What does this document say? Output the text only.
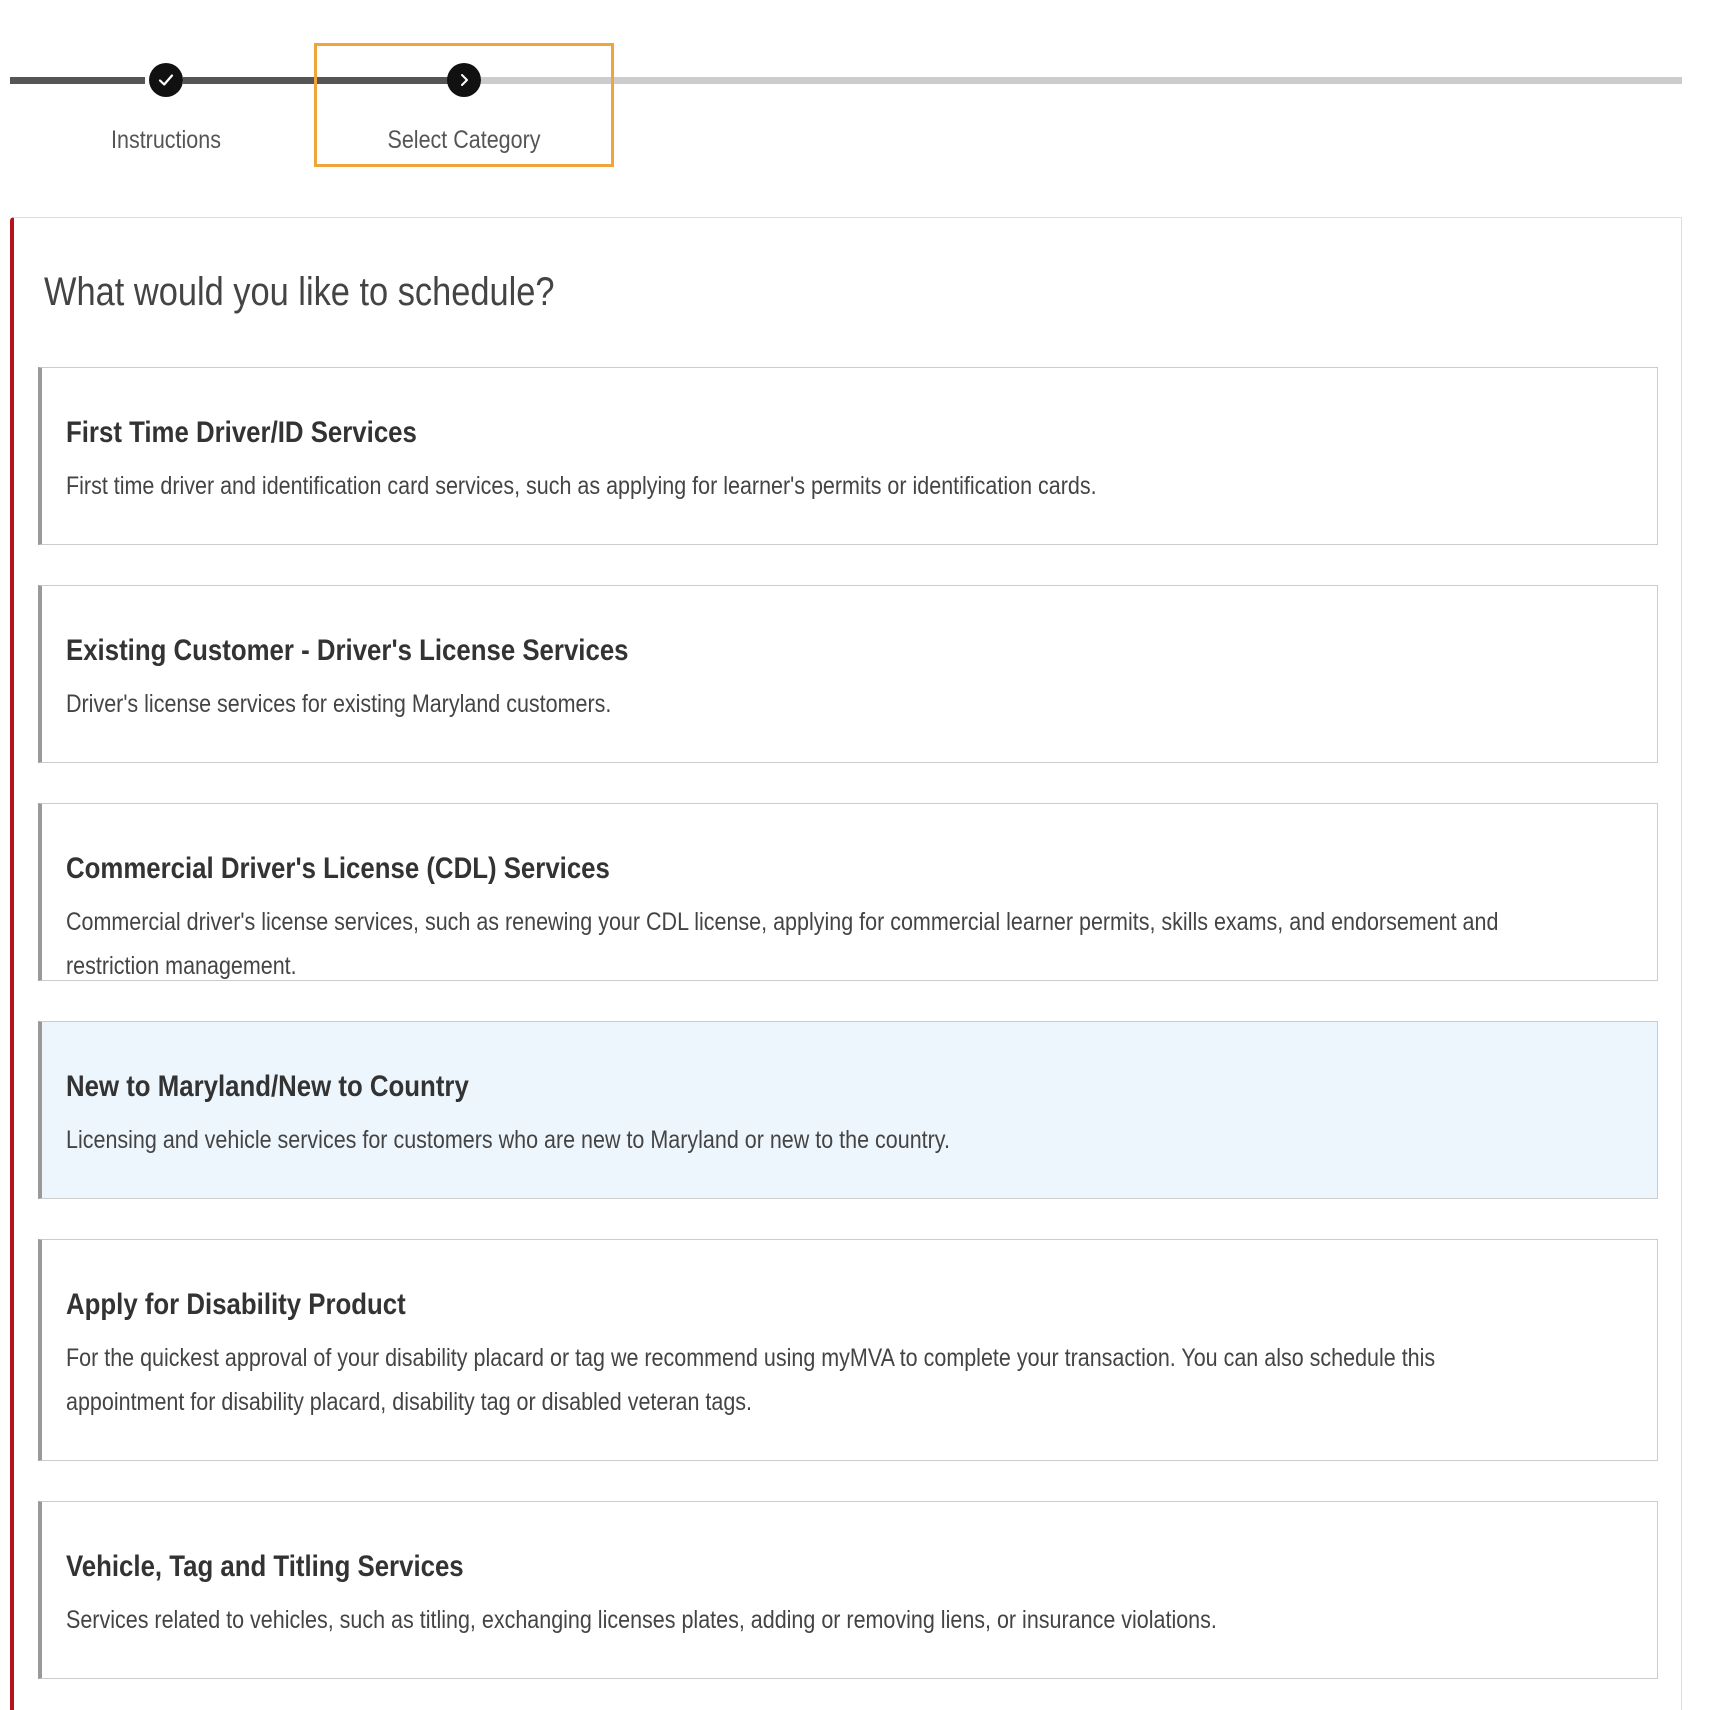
Instructions	Select Category
What would you like to schedule?
First Time Driver/ID Services
First time driver and identification card services, such as applying for learner's permits or identification cards.
Existing Customer - Driver's License Services
Driver's license services for existing Maryland customers.
Commercial Driver's License (CDL) Services
Commercial driver's license services, such as renewing your CDL license, applying for commercial learner permits, skills exams, and endorsement and restriction management.
New to Maryland/New to Country
Licensing and vehicle services for customers who are new to Maryland or new to the country.
Apply for Disability Product
For the quickest approval of your disability placard or tag we recommend using myMVA to complete your transaction. You can also schedule this appointment for disability placard, disability tag or disabled veteran tags.
Vehicle, Tag and Titling Services
Services related to vehicles, such as titling, exchanging licenses plates, adding or removing liens, or insurance violations.
